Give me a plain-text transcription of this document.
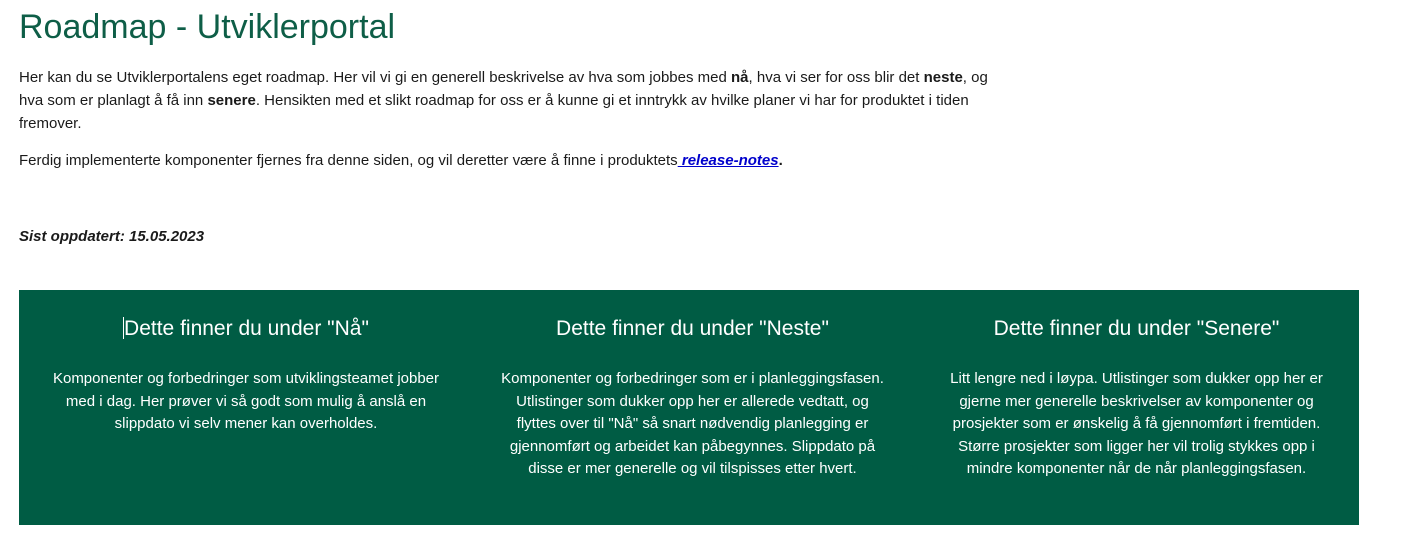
Roadmap - Utviklerportal

Her kan du se Utviklerportalens eget roadmap. Her vil vi gi en generell beskrivelse av hva som jobbes med nå, hva vi ser for oss blir det neste, og hva som er planlagt å få inn senere. Hensikten med et slikt roadmap for oss er å kunne gi et inntrykk av hvilke planer vi har for produktet i tiden fremover.

Ferdig implementerte komponenter fjernes fra denne siden, og vil deretter være å finne i produktets release-notes.

Sist oppdatert: 15.05.2023

Dette finner du under "Nå"

Komponenter og forbedringer som utviklingsteamet jobber med i dag. Her prøver vi så godt som mulig å anslå en slippdato vi selv mener kan overholdes.

Dette finner du under "Neste"

Komponenter og forbedringer som er i planleggingsfasen. Utlistinger som dukker opp her er allerede vedtatt, og flyttes over til "Nå" så snart nødvendig planlegging er gjennomført og arbeidet kan påbegynnes. Slippdato på disse er mer generelle og vil tilspisses etter hvert.

Dette finner du under "Senere"

Litt lengre ned i løypa. Utlistinger som dukker opp her er gjerne mer generelle beskrivelser av komponenter og prosjekter som er ønskelig å få gjennomført i fremtiden. Større prosjekter som ligger her vil trolig stykkes opp i mindre komponenter når de når planleggingsfasen.
